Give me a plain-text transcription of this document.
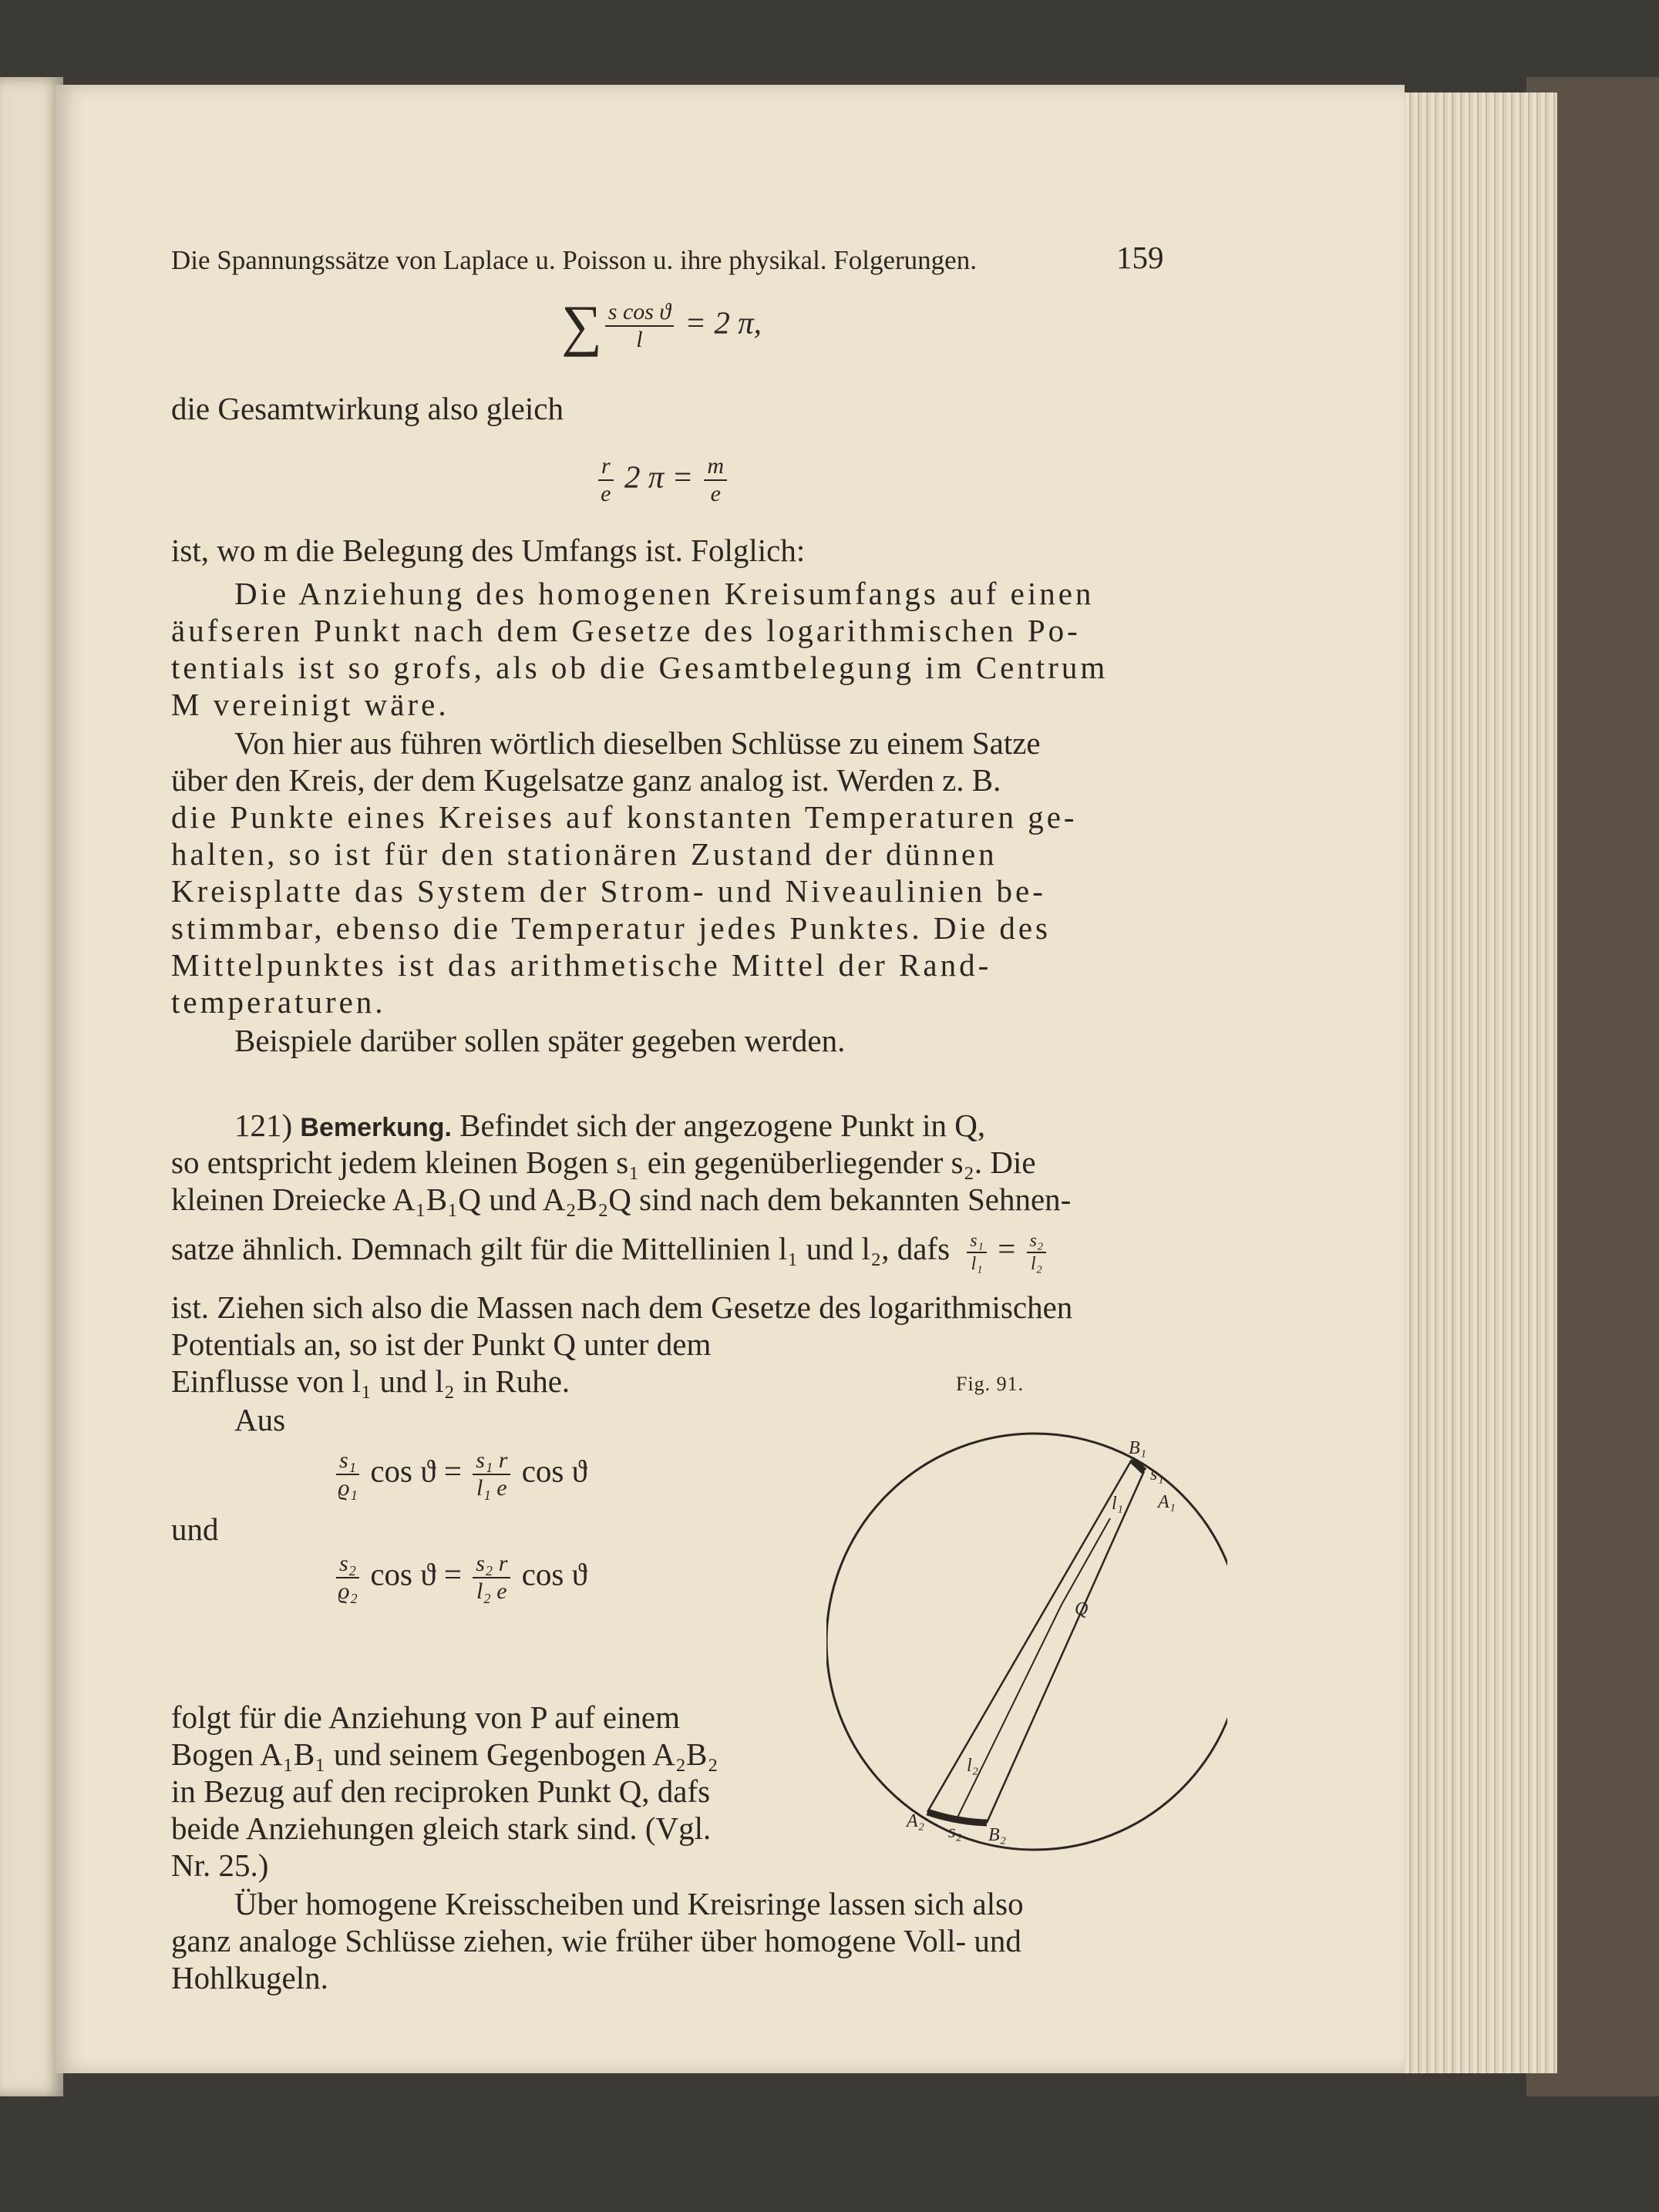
Die Spannungssätze von Laplace u. Poisson u. ihre physikal. Folgerungen.	159
∑ $\frac{\text{s cos ϑ}}{l} = 2$ π,
die Gesamtwirkung also gleich
$\frac{r}{e} 2$ $\pi = \frac{m}{e}$
ist, wo m die Belegung des Umfangs ist. Folglich:
Die Anziehung des homogenen Kreisumfangs auf einen
äufseren Punkt nach dem Gesetze des logarithmischen Po-
tentials ist so grofs, als ob die Gesamtbelegung im Centrum
M vereinigt wäre.
Von hier aus führen wörtlich dieselben Schlüsse zu einem Satze
über den Kreis, der dem Kugelsatze ganz analog ist. Werden z. B.
die Punkte eines Kreises auf konstanten Temperaturen ge-
halten, so ist für den stationären Zustand der dünnen
Kreisplatte das System der Strom- und Niveaulinien be-
stimmbar, ebenso die Temperatur jedes Punktes. Die des
Mittelpunktes ist das arithmetische Mittel der Rand-
temperaturen.
Beispiele darüber sollen später gegeben werden.
121) Bemerkung. Befindet sich der angezogene Punkt in Q,
so entspricht jedem kleinen Bogen s₁ ein gegenüberliegender s₂. Die
kleinen Dreiecke A₁B₁Q und A₂B₂Q sind nach dem bekannten Sehnen-
satze ähnlich. Demnach gilt für die Mittellinien l₁ und l₂, dafs $\frac{\text{s₁}}{\text{l₁}} = \frac{\text{s₂}}{\text{l₂}}$
ist. Ziehen sich also die Massen nach dem Gesetze des logarithmischen
Potentials an, so ist der Punkt Q unter dem
Einflusse von l₁ und l₂ in Ruhe.
Aus
$\frac{\text{s₁}}{\text{ϱ₁}}$ $\cos ϑ = \frac{\text{s₁ r}}{\text{l₁ e}}$ cos ϑ
und
$\frac{\text{s₂}}{\text{ϱ₂}}$ $\cos ϑ = \frac{\text{s₂ r}}{\text{l₂ e}}$ cos ϑ
folgt für die Anziehung von P auf einem
Bogen A₁B₁ und seinem Gegenbogen A₂B₂
in Bezug auf den reciproken Punkt Q, dafs
beide Anziehungen gleich stark sind. (Vgl.
Nr. 25.)
Über homogene Kreisscheiben und Kreisringe lassen sich also
ganz analoge Schlüsse ziehen, wie früher über homogene Voll- und
Hohlkugeln.
Fig. 91.
B₁
s₁
A₁
l₁
Q
l₂
A₂
s₂ B₂
